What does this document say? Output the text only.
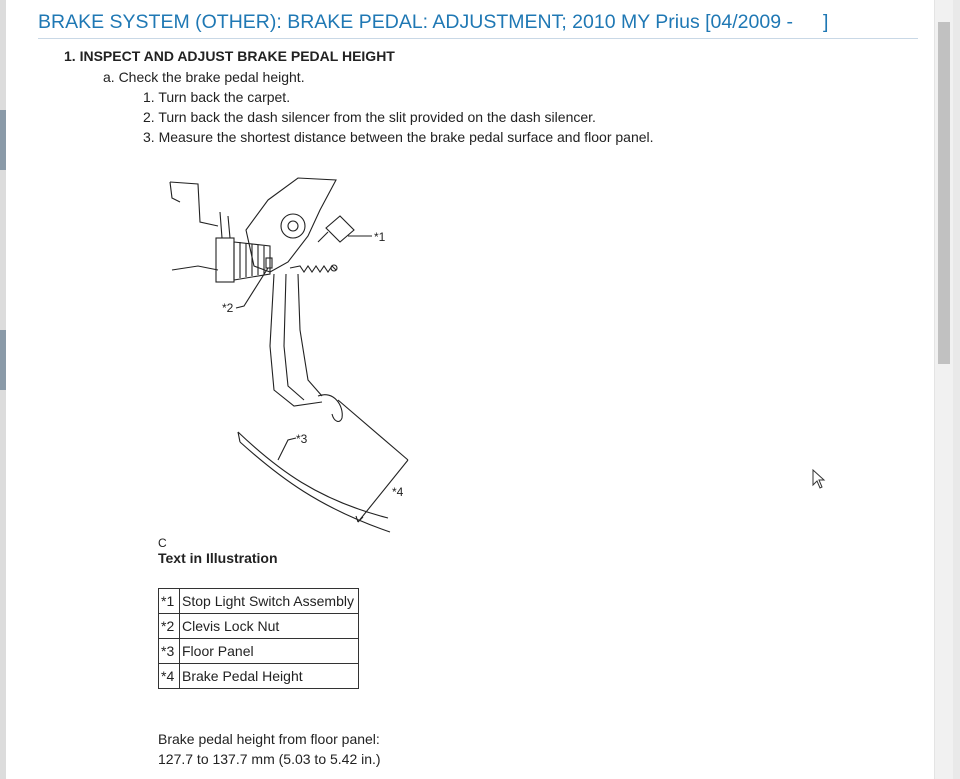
BRAKE SYSTEM (OTHER): BRAKE PEDAL: ADJUSTMENT; 2010 MY Prius [04/2009 - ]
1. INSPECT AND ADJUST BRAKE PEDAL HEIGHT
a. Check the brake pedal height.
1. Turn back the carpet.
2. Turn back the dash silencer from the slit provided on the dash silencer.
3. Measure the shortest distance between the brake pedal surface and floor panel.
*1
*2
*3
*4
C
Text in Illustration
*1	Stop Light Switch Assembly
*2	Clevis Lock Nut
*3	Floor Panel
*4	Brake Pedal Height
Brake pedal height from floor panel:
127.7 to 137.7 mm (5.03 to 5.42 in.)
